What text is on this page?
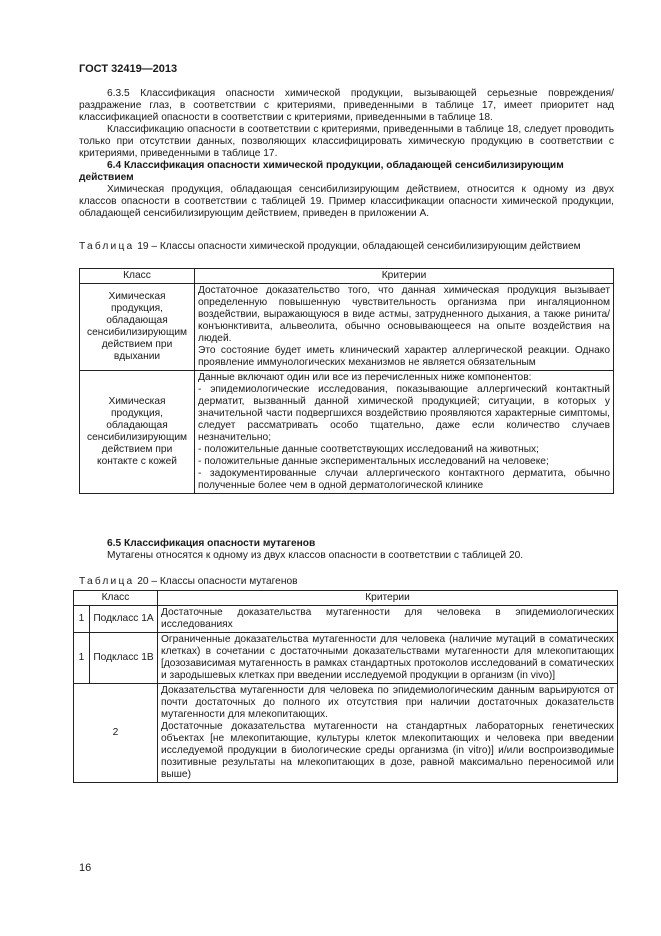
ГОСТ 32419—2013

6.3.5 Классификация опасности химической продукции, вызывающей серьезные повреждения/раздражение глаз, в соответствии с критериями, приведенными в таблице 17, имеет приоритет над классификацией опасности в соответствии с критериями, приведенными в таблице 18.

Классификацию опасности в соответствии с критериями, приведенными в таблице 18, следует проводить только при отсутствии данных, позволяющих классифицировать химическую продукцию в соответствии с критериями, приведенными в таблице 17.

6.4 Классификация опасности химической продукции, обладающей сенсибилизирующим действием

Химическая продукция, обладающая сенсибилизирующим действием, относится к одному из двух классов опасности в соответствии с таблицей 19. Пример классификации опасности химической продукции, обладающей сенсибилизирующим действием, приведен в приложении А.

Таблица 19 – Классы опасности химической продукции, обладающей сенсибилизирующим действием
Класс	Критерии
Химическая продукция, обладающая сенсибилизирующим действием при вдыхании	Достаточное доказательство того, что данная химическая продукция вызывает определенную повышенную чувствительность организма при ингаляционном воздействии, выражающуюся в виде астмы, затрудненного дыхания, а также ринита/конъюнктивита, альвеолита, обычно основывающееся на опыте воздействия на людей.
Это состояние будет иметь клинический характер аллергической реакции. Однако проявление иммунологических механизмов не является обязательным

Химическая продукция, обладающая сенсибилизирующим действием при контакте с кожей	Данные включают один или все из перечисленных ниже компонентов:
- эпидемиологические исследования, показывающие аллергический контактный дерматит, вызванный данной химической продукцией; ситуации, в которых у значительной части подвергшихся воздействию проявляются характерные симптомы, следует рассматривать особо тщательно, даже если количество случаев незначительно;
- положительные данные соответствующих исследований на животных;
- положительные данные экспериментальных исследований на человеке;
- задокументированные случаи аллергического контактного дерматита, обычно полученные более чем в одной дерматологической клинике
6.5 Классификация опасности мутагенов

Мутагены относятся к одному из двух классов опасности в соответствии с таблицей 20.

Таблица 20 – Классы опасности мутагенов
Класс		Критерии
1	Подкласс 1А	Достаточные доказательства мутагенности для человека в эпидемиологических исследованиях

1	Подкласс 1В	Ограниченные доказательства мутагенности для человека (наличие мутаций в соматических клетках) в сочетании с достаточными доказательствами мутагенности для млекопитающих [дозозависимая мутагенность в рамках стандартных протоколов исследований в соматических и зародышевых клетках при введении исследуемой продукции в организм (in vivo)]

2		Доказательства мутагенности для человека по эпидемиологическим данным варьируются от почти достаточных до полного их отсутствия при наличии достаточных доказательств мутагенности для млекопитающих.
Достаточные доказательства мутагенности на стандартных лабораторных генетических объектах [не млекопитающие, культуры клеток млекопитающих и человека при введении исследуемой продукции в биологические среды организма (in vitro)] и/или воспроизводимые позитивные результаты на млекопитающих в дозе, равной максимально переносимой или выше)
16
